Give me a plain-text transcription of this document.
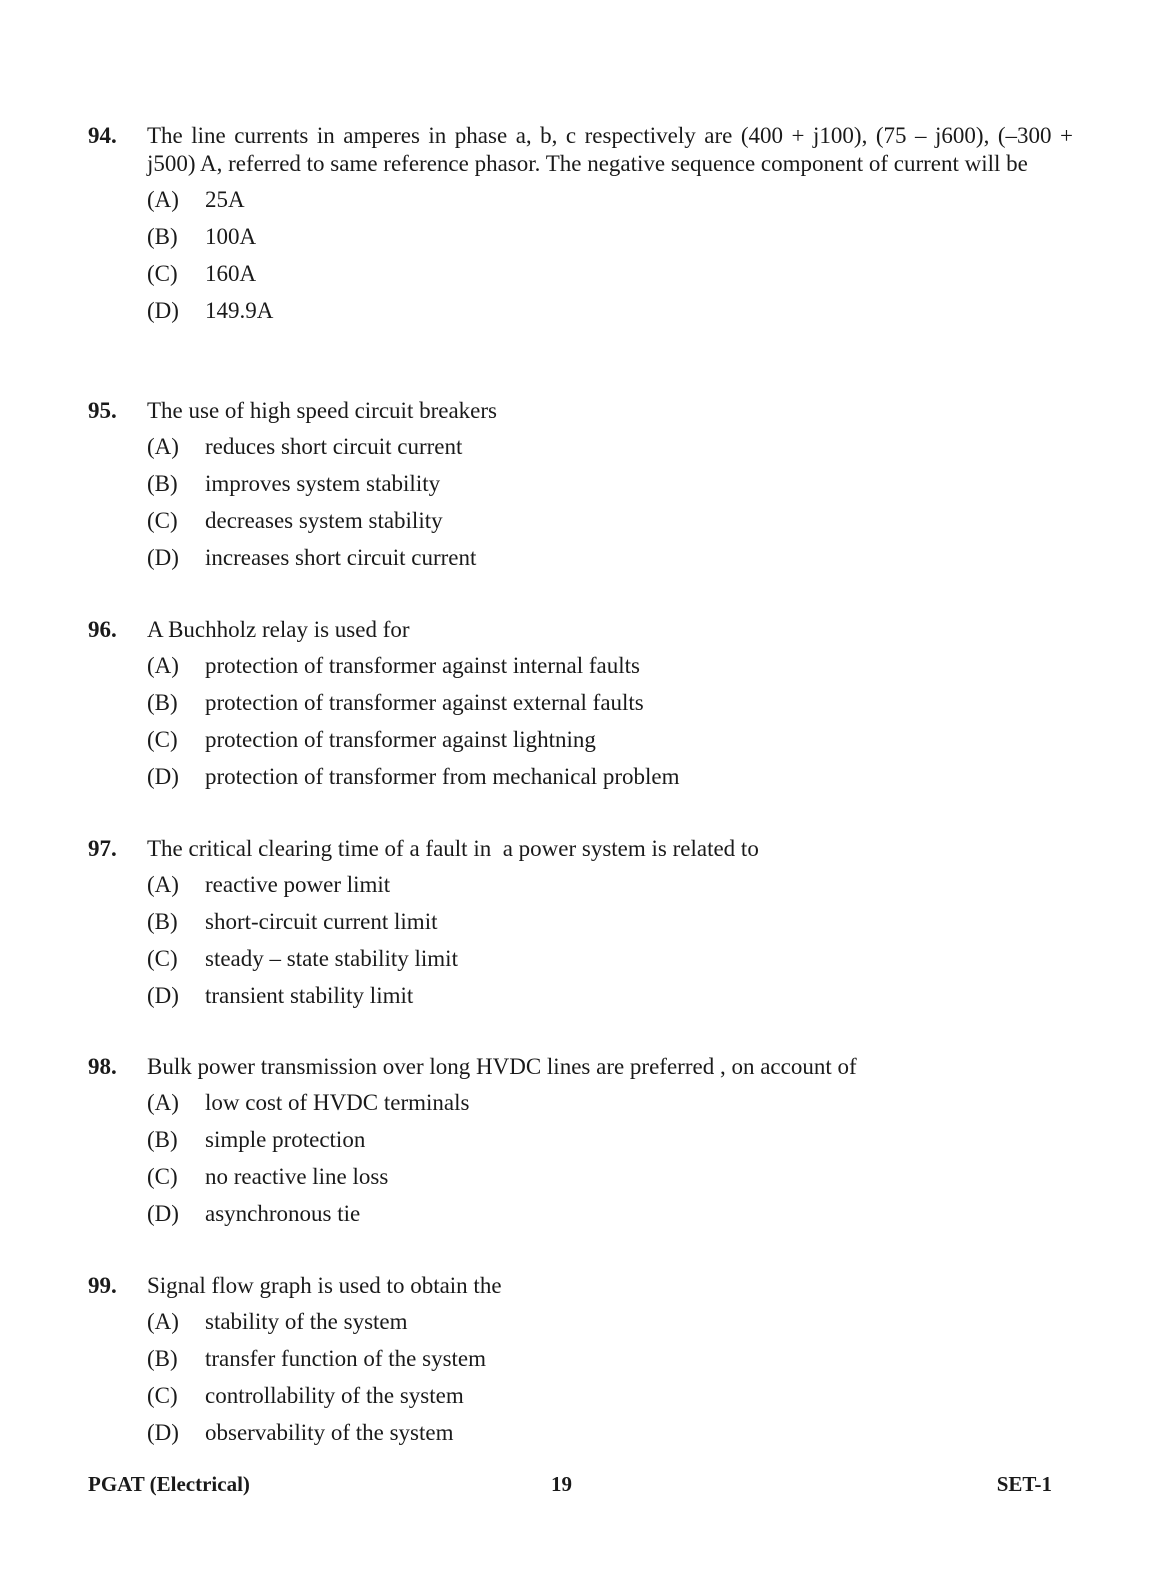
94. The line currents in amperes in phase a, b, c respectively are (400 + j100), (75 – j600), (–300 + j500) A, referred to same reference phasor. The negative sequence component of current will be
(A)	25A
(B)	100A
(C)	160A
(D)	149.9A
95. The use of high speed circuit breakers
(A)	reduces short circuit current
(B)	improves system stability
(C)	decreases system stability
(D)	increases short circuit current
96. A Buchholz relay is used for
(A)	protection of transformer against internal faults
(B)	protection of transformer against external faults
(C)	protection of transformer against lightning
(D)	protection of transformer from mechanical problem
97. The critical clearing time of a fault in  a power system is related to
(A)	reactive power limit
(B)	short-circuit current limit
(C)	steady – state stability limit
(D)	transient stability limit
98. Bulk power transmission over long HVDC lines are preferred , on account of
(A)	low cost of HVDC terminals
(B)	simple protection
(C)	no reactive line loss
(D)	asynchronous tie
99. Signal flow graph is used to obtain the
(A)	stability of the system
(B)	transfer function of the system
(C)	controllability of the system
(D)	observability of the system
PGAT (Electrical)	19	SET-1
